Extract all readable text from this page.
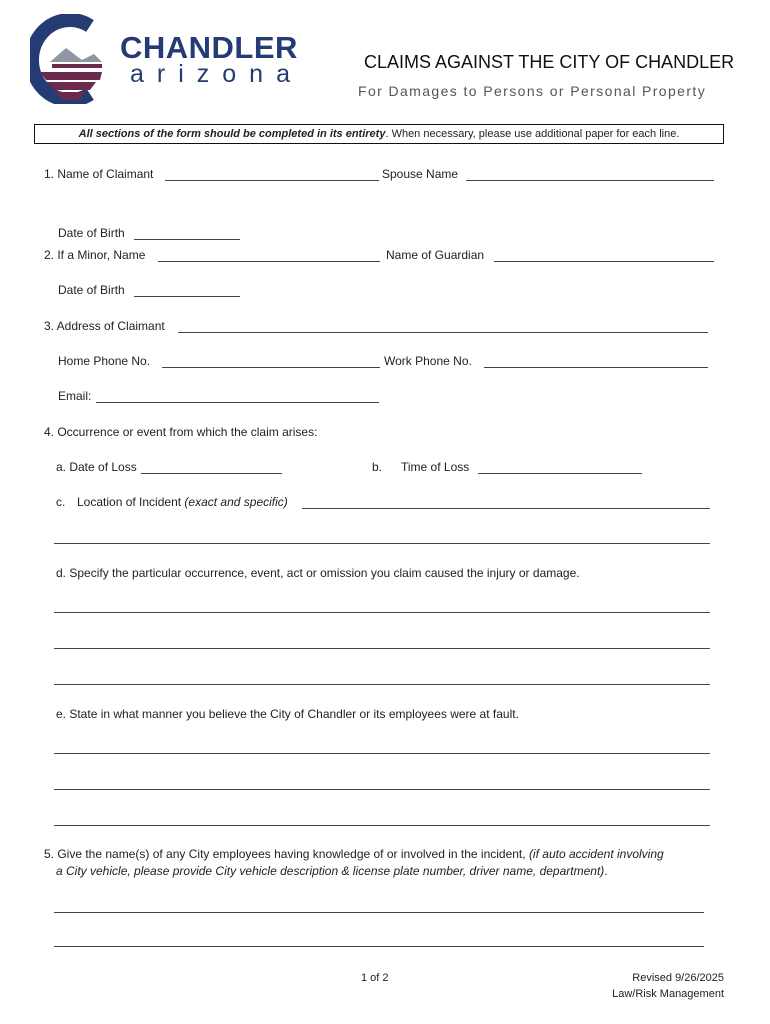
CHANDLER
arizona	CLAIMS AGAINST THE CITY OF CHANDLER
For Damages to Persons or Personal Property
All sections of the form should be completed in its entirety. When necessary, please use additional paper for each line.
1. Name of Claimant	Spouse Name
Date of Birth
2. If a Minor, Name	Name of Guardian
Date of Birth
3. Address of Claimant
Home Phone No.	Work Phone No.
Email:
4. Occurrence or event from which the claim arises:
a. Date of Loss	b. Time of Loss
c. Location of Incident (exact and specific)
d. Specify the particular occurrence, event, act or omission you claim caused the injury or damage.
e. State in what manner you believe the City of Chandler or its employees were at fault.
5. Give the name(s) of any City employees having knowledge of or involved in the incident, (if auto accident involving
a City vehicle, please provide City vehicle description & license plate number, driver name, department).
1 of 2	Revised 9/26/2025
Law/Risk Management
